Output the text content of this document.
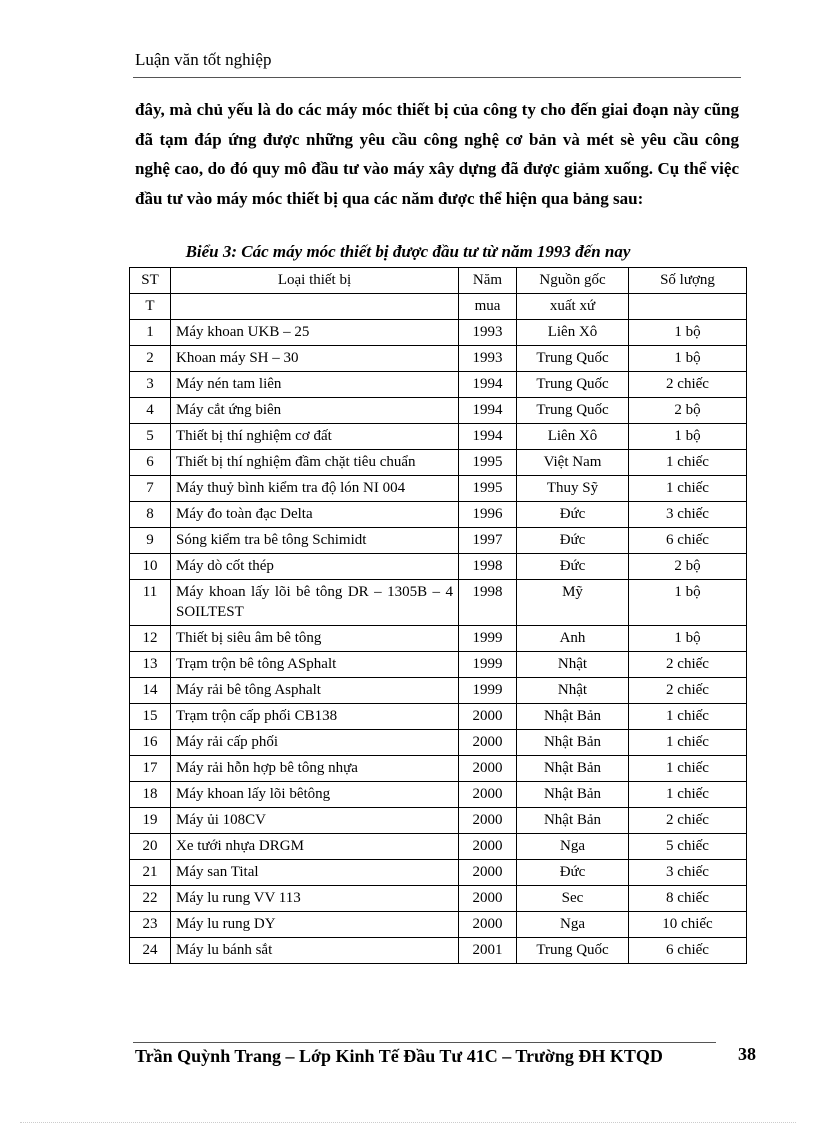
Luận văn tốt nghiệp
đây, mà chủ yếu là do các máy móc thiết bị của công ty cho đến giai đoạn này cũng đã tạm đáp ứng được những yêu cầu công nghệ cơ bản và mét sè yêu cầu công nghệ cao, do đó quy mô đầu tư vào máy xây dựng đã được giảm xuống. Cụ thể việc đầu tư vào máy móc thiết bị qua các năm được thể hiện qua bảng sau:
Biểu 3: Các máy móc thiết bị được đầu tư từ năm 1993 đến nay
ST	Loại thiết bị	Năm	Nguồn gốc	Số lượng
T		mua	xuất xứ	
1	Máy khoan UKB – 25	1993	Liên Xô	1 bộ
2	Khoan máy SH – 30	1993	Trung Quốc	1 bộ
3	Máy nén tam liên	1994	Trung Quốc	2 chiếc
4	Máy cắt ứng biên	1994	Trung Quốc	2 bộ
5	Thiết bị thí nghiệm cơ đất	1994	Liên Xô	1 bộ
6	Thiết bị thí nghiệm đầm chặt tiêu chuẩn	1995	Việt Nam	1 chiếc
7	Máy thuỷ bình kiểm tra độ lón NI 004	1995	Thuy Sỹ	1 chiếc
8	Máy đo toàn đạc Delta	1996	Đức	3 chiếc
9	Sóng kiểm tra bê tông Schimidt	1997	Đức	6 chiếc
10	Máy dò cốt thép	1998	Đức	2 bộ
11	Máy khoan lấy lõi bê tông DR – 1305B – 4 SOILTEST	1998	Mỹ	1 bộ
12	Thiết bị siêu âm bê tông	1999	Anh	1 bộ
13	Trạm trộn bê tông ASphalt	1999	Nhật	2 chiếc
14	Máy rải bê tông Asphalt	1999	Nhật	2 chiếc
15	Trạm trộn cấp phối CB138	2000	Nhật Bản	1 chiếc
16	Máy rải cấp phối	2000	Nhật Bản	1 chiếc
17	Máy rải hỗn hợp bê tông nhựa	2000	Nhật Bản	1 chiếc
18	Máy khoan lấy lõi bêtông	2000	Nhật Bản	1 chiếc
19	Máy ủi 108CV	2000	Nhật Bản	2 chiếc
20	Xe tưới nhựa DRGM	2000	Nga	5 chiếc
21	Máy san Tital	2000	Đức	3 chiếc
22	Máy lu rung VV 113	2000	Sec	8 chiếc
23	Máy lu rung DY	2000	Nga	10 chiếc
24	Máy lu bánh sắt	2001	Trung Quốc	6 chiếc
Trần Quỳnh Trang – Lớp Kinh Tế Đầu Tư 41C – Trường ĐH KTQD	38
